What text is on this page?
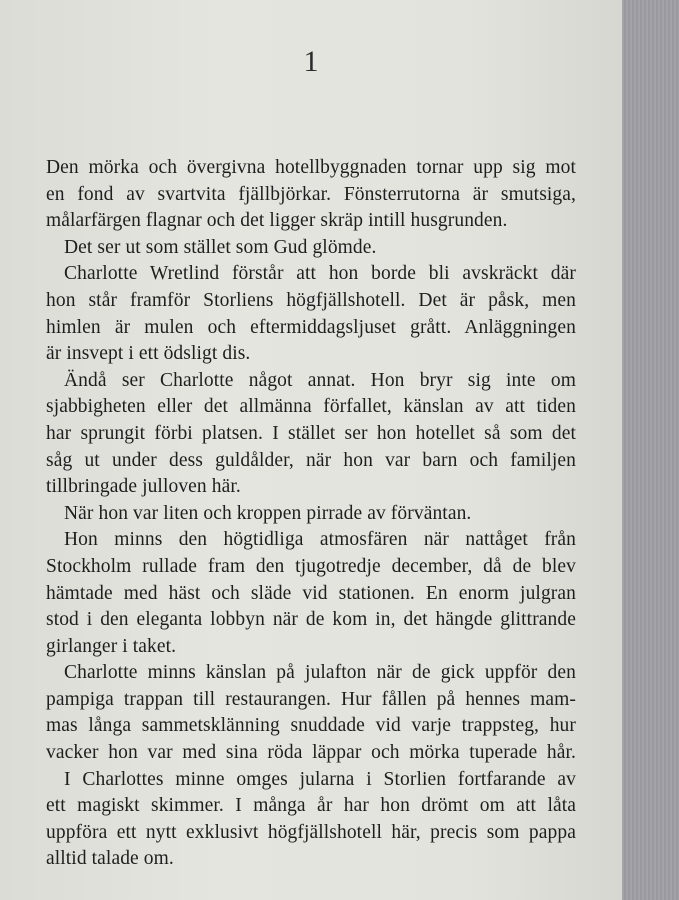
1
Den mörka och övergivna hotellbyggnaden tornar upp sig mot
en fond av svartvita fjällbjörkar. Fönsterrutorna är smutsiga,
målarfärgen flagnar och det ligger skräp intill husgrunden.
Det ser ut som stället som Gud glömde.
Charlotte Wretlind förstår att hon borde bli avskräckt där
hon står framför Storliens högfjällshotell. Det är påsk, men
himlen är mulen och eftermiddagsljuset grått. Anläggningen
är insvept i ett ödsligt dis.
Ändå ser Charlotte något annat. Hon bryr sig inte om
sjabbigheten eller det allmänna förfallet, känslan av att tiden
har sprungit förbi platsen. I stället ser hon hotellet så som det
såg ut under dess guldålder, när hon var barn och familjen
tillbringade julloven här.
När hon var liten och kroppen pirrade av förväntan.
Hon minns den högtidliga atmosfären när nattåget från
Stockholm rullade fram den tjugotredje december, då de blev
hämtade med häst och släde vid stationen. En enorm julgran
stod i den eleganta lobbyn när de kom in, det hängde glittrande
girlanger i taket.
Charlotte minns känslan på julafton när de gick uppför den
pampiga trappan till restaurangen. Hur fållen på hennes mam-
mas långa sammetsklänning snuddade vid varje trappsteg, hur
vacker hon var med sina röda läppar och mörka tuperade hår.
I Charlottes minne omges jularna i Storlien fortfarande av
ett magiskt skimmer. I många år har hon drömt om att låta
uppföra ett nytt exklusivt högfjällshotell här, precis som pappa
alltid talade om.
